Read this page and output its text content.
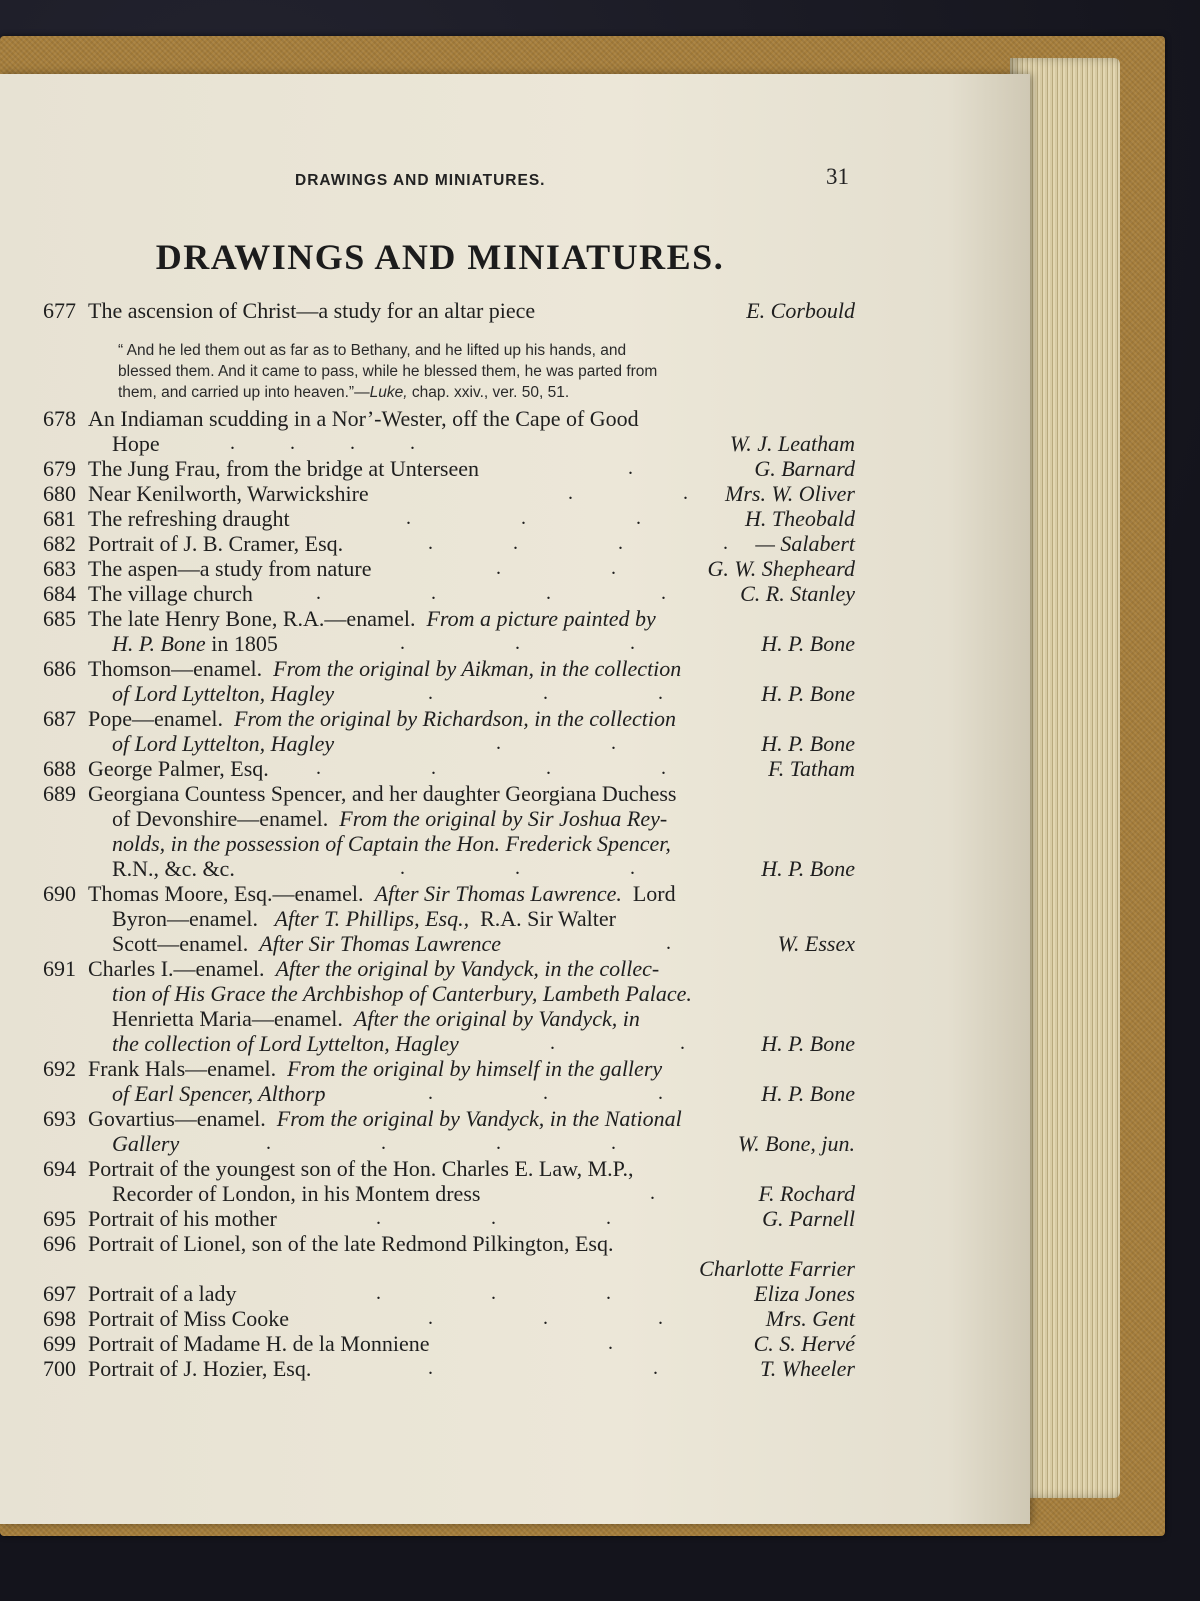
DRAWINGS AND MINIATURES.	31
DRAWINGS AND MINIATURES.
677 The ascension of Christ—a study for an altar piece	E. Corbould
“ And he led them out as far as to Bethany, and he lifted up his hands, and
blessed them. And it came to pass, while he blessed them, he was parted from
them, and carried up into heaven.”—Luke, chap. xxiv., ver. 50, 51.
678 An Indiaman scudding in a Nor’-Wester, off the Cape of Good
Hope	.           .           .           .	W. J. Leatham
679 The Jung Frau, from the bridge at Unterseen	.	G. Barnard
680 Near Kenilworth, Warwickshire	.                      . Mrs. W. Oliver
681 The refreshing draught	.                      .                      .	H. Theobald
682 Portrait of J. B. Cramer, Esq.	.                .                    .                    . — Salabert
683 The aspen—a study from nature	.                      .	G. W. Shepheard
684 The village church	.                      .                      .                      .	C. R. Stanley
685 The late Henry Bone, R.A.—enamel. From a picture painted by
H. P. Bone in 1805	.                      .                      .	H. P. Bone
686 Thomson—enamel. From the original by Aikman, in the collection
of Lord Lyttelton, Hagley	.                      .                      .	H. P. Bone
687 Pope—enamel. From the original by Richardson, in the collection
of Lord Lyttelton, Hagley	.                      .	H. P. Bone
688 George Palmer, Esq. .                      .                      .                      .	F. Tatham
689 Georgiana Countess Spencer, and her daughter Georgiana Duchess
of Devonshire—enamel. From the original by Sir Joshua Rey-
nolds, in the possession of Captain the Hon. Frederick Spencer,
R.N., &c. &c.	.                      .                      .	H. P. Bone
690 Thomas Moore, Esq.—enamel. After Sir Thomas Lawrence. Lord
Byron—enamel. After T. Phillips, Esq., R.A. Sir Walter
Scott—enamel. After Sir Thomas Lawrence	.	W. Essex
691 Charles I.—enamel. After the original by Vandyck, in the collec-
tion of His Grace the Archbishop of Canterbury, Lambeth Palace.
Henrietta Maria—enamel. After the original by Vandyck, in
the collection of Lord Lyttelton, Hagley	.                         .	H. P. Bone
692 Frank Hals—enamel. From the original by himself in the gallery
of Earl Spencer, Althorp	.                      .                      .	H. P. Bone
693 Govartius—enamel. From the original by Vandyck, in the National
Gallery	.                      .                      .                      .	W. Bone, jun.
694 Portrait of the youngest son of the Hon. Charles E. Law, M.P.,
Recorder of London, in his Montem dress	.	F. Rochard
695 Portrait of his mother	.                      .                      .	G. Parnell
696 Portrait of Lionel, son of the late Redmond Pilkington, Esq.
Charlotte Farrier
697 Portrait of a lady	.                      .                      .	Eliza Jones
698 Portrait of Miss Cooke	.                      .                      .	Mrs. Gent
699 Portrait of Madame H. de la Monniene	.	C. S. Hervé
700 Portrait of J. Hozier, Esq.	.                                            .	T. Wheeler
